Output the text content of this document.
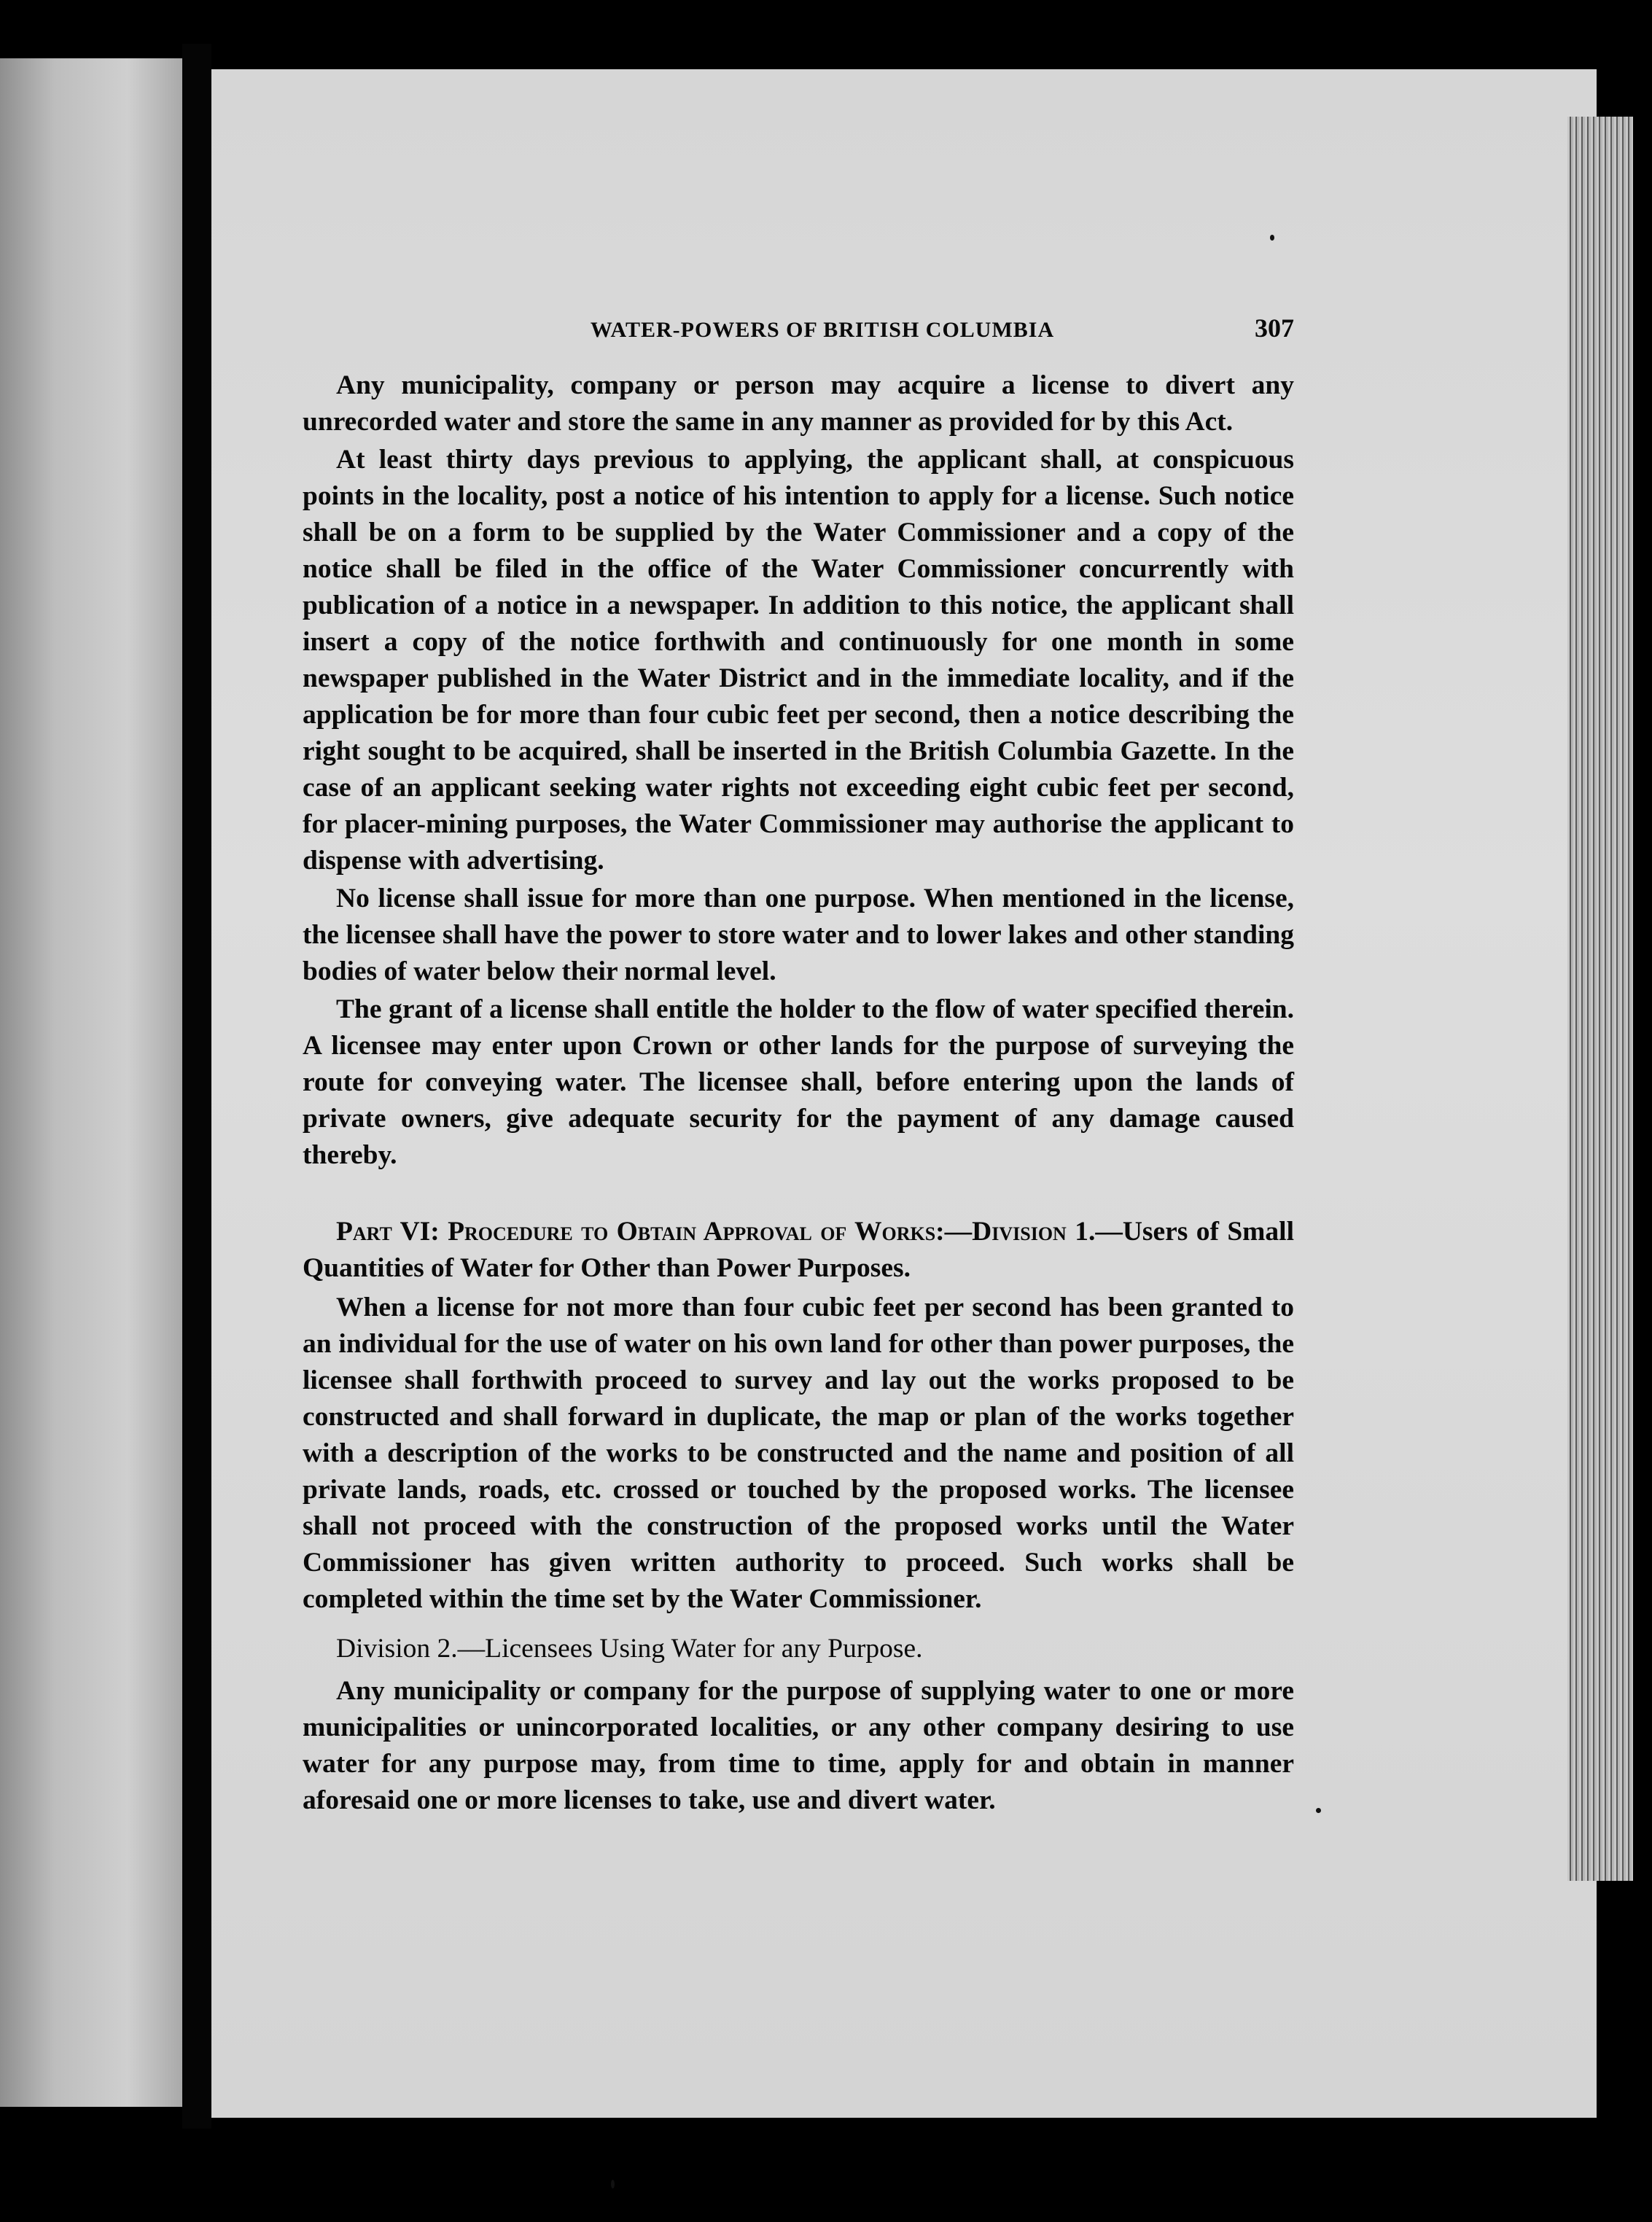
WATER-POWERS OF BRITISH COLUMBIA	307

Any municipality, company or person may acquire a license to divert any unrecorded water and store the same in any manner as provided for by this Act.

At least thirty days previous to applying, the applicant shall, at conspicuous points in the locality, post a notice of his intention to apply for a license. Such notice shall be on a form to be supplied by the Water Commissioner and a copy of the notice shall be filed in the office of the Water Commissioner concurrently with publication of a notice in a newspaper. In addition to this notice, the applicant shall insert a copy of the notice forthwith and continuously for one month in some newspaper published in the Water District and in the immediate locality, and if the application be for more than four cubic feet per second, then a notice describing the right sought to be acquired, shall be inserted in the British Columbia Gazette. In the case of an applicant seeking water rights not exceeding eight cubic feet per second, for placer-mining purposes, the Water Commissioner may authorise the applicant to dispense with advertising.

No license shall issue for more than one purpose. When mentioned in the license, the licensee shall have the power to store water and to lower lakes and other standing bodies of water below their normal level.

The grant of a license shall entitle the holder to the flow of water specified therein. A licensee may enter upon Crown or other lands for the purpose of surveying the route for conveying water. The licensee shall, before entering upon the lands of private owners, give adequate security for the payment of any damage caused thereby.

Part VI: Procedure to Obtain Approval of Works:—Division 1.—Users of Small Quantities of Water for Other than Power Purposes.

When a license for not more than four cubic feet per second has been granted to an individual for the use of water on his own land for other than power purposes, the licensee shall forthwith proceed to survey and lay out the works proposed to be constructed and shall forward in duplicate, the map or plan of the works together with a description of the works to be constructed and the name and position of all private lands, roads, etc. crossed or touched by the proposed works. The licensee shall not proceed with the construction of the proposed works until the Water Commissioner has given written authority to proceed. Such works shall be completed within the time set by the Water Commissioner.

Division 2.—Licensees Using Water for any Purpose.

Any municipality or company for the purpose of supplying water to one or more municipalities or unincorporated localities, or any other company desiring to use water for any purpose may, from time to time, apply for and obtain in manner aforesaid one or more licenses to take, use and divert water.
